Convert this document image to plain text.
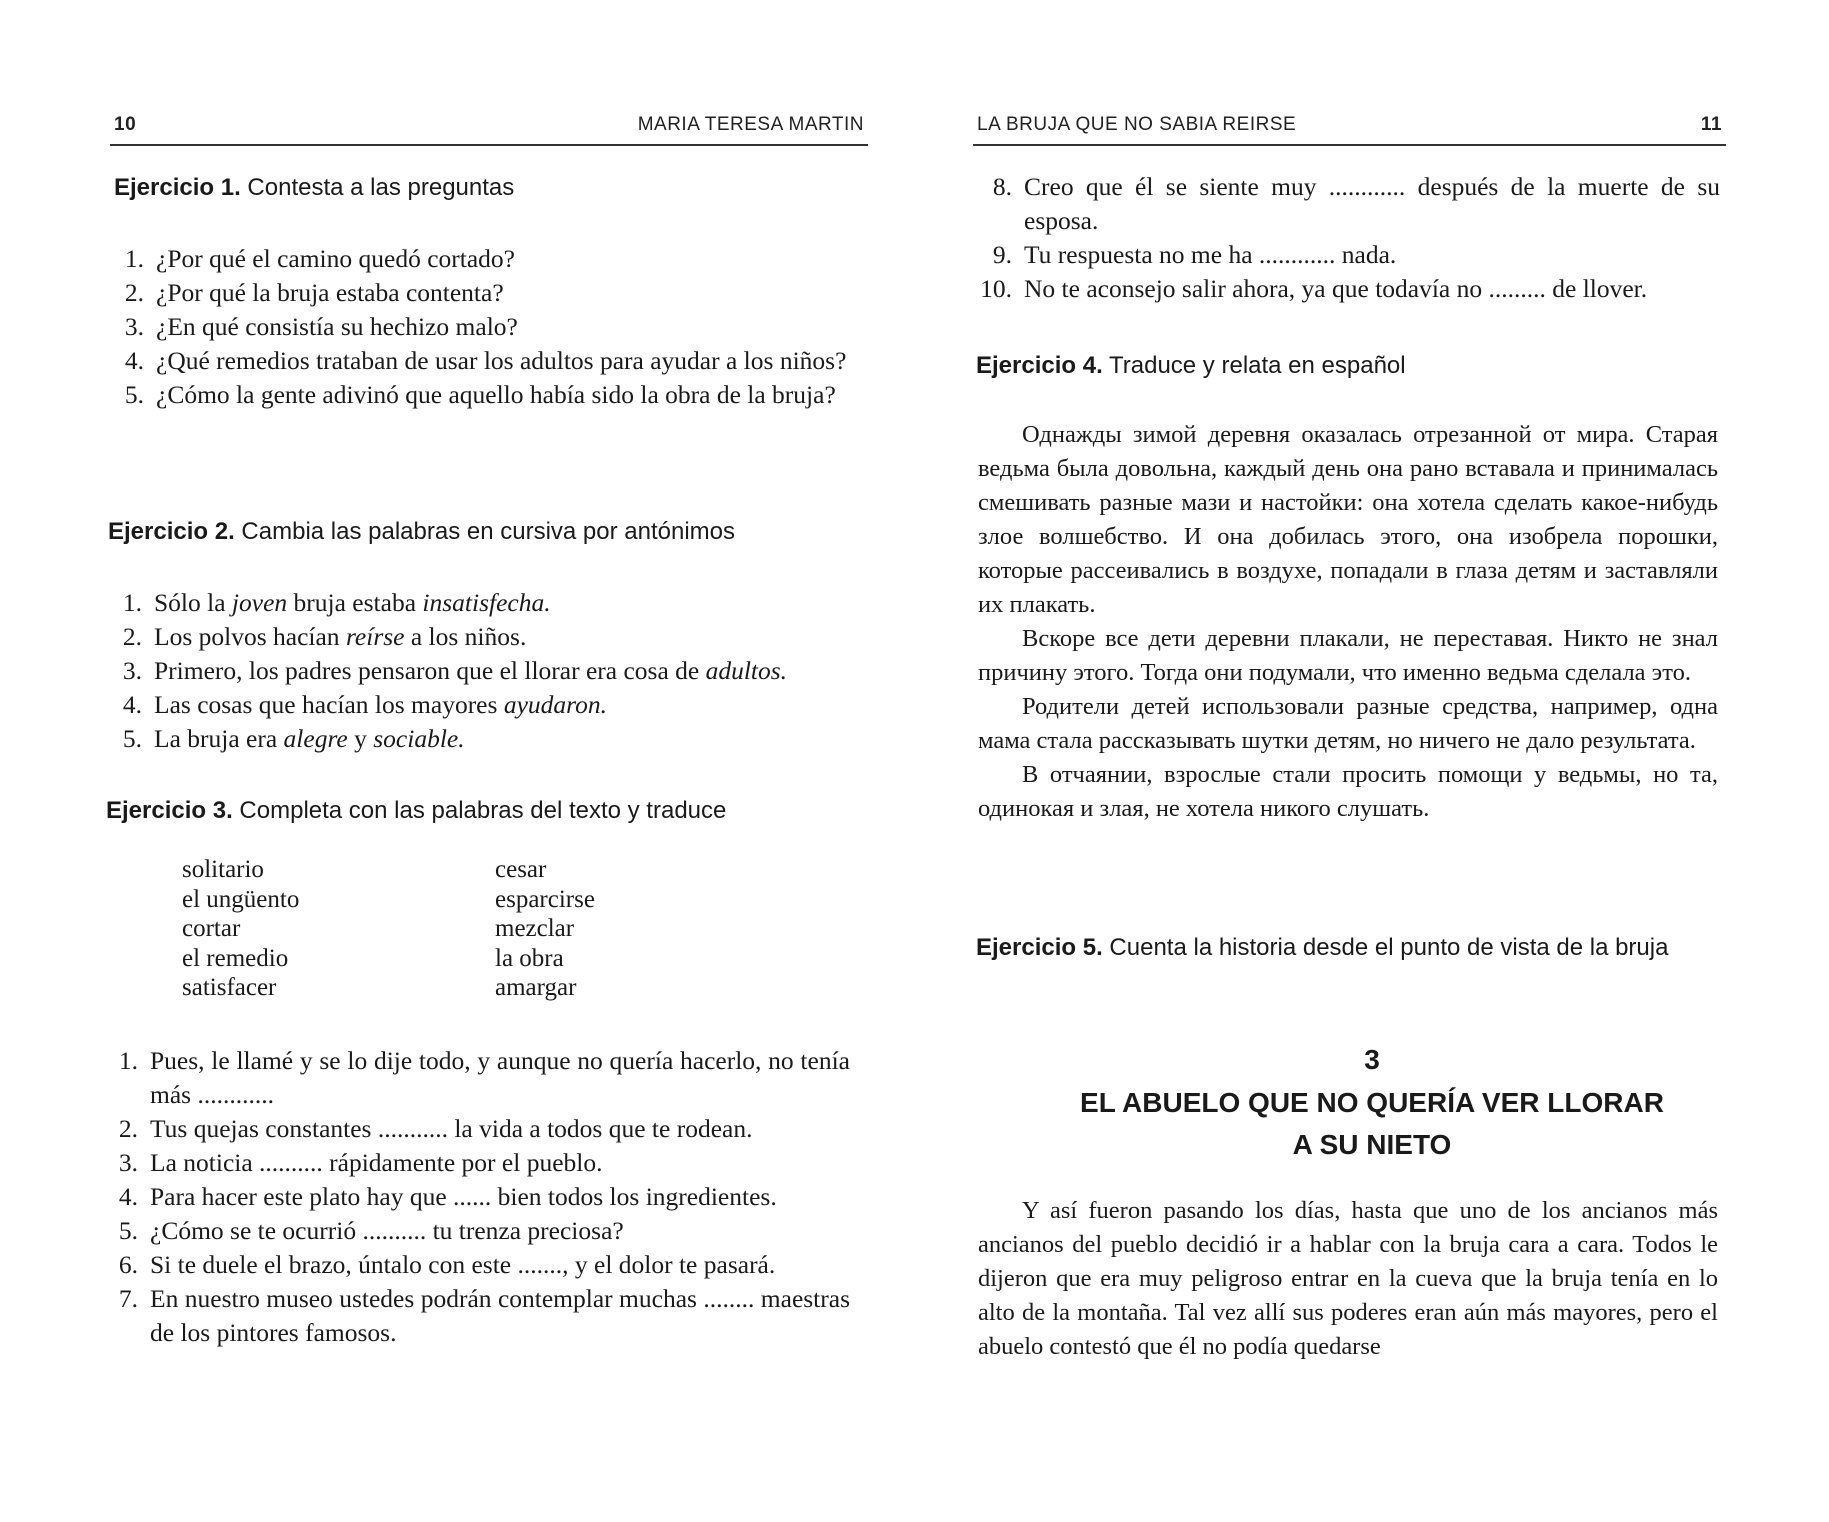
10	MARIA TERESA MARTIN
Ejercicio 1. Contesta a las preguntas
1. ¿Por qué el camino quedó cortado?
2. ¿Por qué la bruja estaba contenta?
3. ¿En qué consistía su hechizo malo?
4. ¿Qué remedios trataban de usar los adultos para ayudar a los niños?
5. ¿Cómo la gente adivinó que aquello había sido la obra de la bruja?
Ejercicio 2. Cambia las palabras en cursiva por antónimos
1. Sólo la joven bruja estaba insatisfecha.
2. Los polvos hacían reírse a los niños.
3. Primero, los padres pensaron que el llorar era cosa de adultos.
4. Las cosas que hacían los mayores ayudaron.
5. La bruja era alegre y sociable.
Ejercicio 3. Completa con las palabras del texto y traduce
solitario
el ungüento
cortar
el remedio
satisfacer
cesar
esparcirse
mezclar
la obra
amargar
1. Pues, le llamé y se lo dije todo, y aunque no quería hacerlo, no tenía más ............
2. Tus quejas constantes ........... la vida a todos que te rodean.
3. La noticia .......... rápidamente por el pueblo.
4. Para hacer este plato hay que ...... bien todos los ingredientes.
5. ¿Cómo se te ocurrió .......... tu trenza preciosa?
6. Si te duele el brazo, úntalo con este ......., y el dolor te pasará.
7. En nuestro museo ustedes podrán contemplar muchas ........ maestras de los pintores famosos.
LA BRUJA QUE NO SABIA REIRSE	11
8. Creo que él se siente muy ............ después de la muerte de su esposa.
9. Tu respuesta no me ha ............ nada.
10. No te aconsejo salir ahora, ya que todavía no ......... de llover.
Ejercicio 4. Traduce y relata en español

Однажды зимой деревня оказалась отрезанной от мира. Старая ведьма была довольна, каждый день она рано вставала и принималась смешивать разные мази и настойки: она хотела сделать какое-нибудь злое волшебство. И она добилась этого, она изобрела порошки, которые рассеивались в воздухе, попадали в глаза детям и заставляли их плакать.

Вскоре все дети деревни плакали, не переставая. Никто не знал причину этого. Тогда они подумали, что именно ведьма сделала это.

Родители детей использовали разные средства, например, одна мама стала рассказывать шутки детям, но ничего не дало результата.

В отчаянии, взрослые стали просить помощи у ведьмы, но та, одинокая и злая, не хотела никого слушать.

Ejercicio 5. Cuenta la historia desde el punto de vista de la bruja
3
EL ABUELO QUE NO QUERÍA VER LLORAR
A SU NIETO

Y así fueron pasando los días, hasta que uno de los ancianos más ancianos del pueblo decidió ir a hablar con la bruja cara a cara. Todos le dijeron que era muy peligroso entrar en la cueva que la bruja tenía en lo alto de la montaña. Tal vez allí sus poderes eran aún más mayores, pero el abuelo contestó que él no podía quedarse
